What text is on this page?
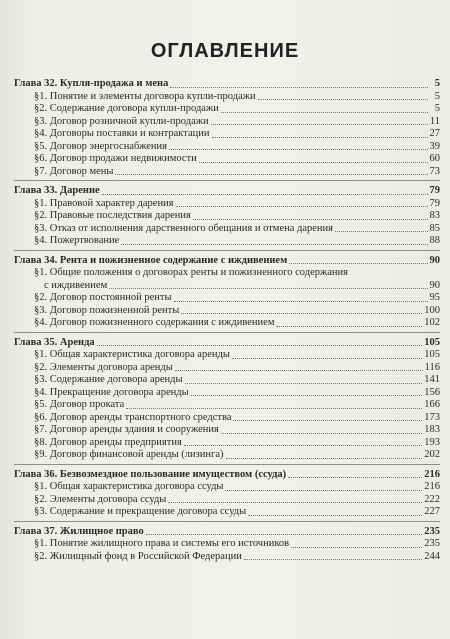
ОГЛАВЛЕНИЕ
Глава 32. Купля-продажа и мена	5
§1. Понятие и элементы договора купли-продажи	5
§2. Содержание договора купли-продажи	5
§3. Договор розничной купли-продажи	11
§4. Договоры поставки и контрактации	27
§5. Договор энергоснабжения	39
§6. Договор продажи недвижимости	60
§7. Договор мены	73
Глава 33. Дарение	79
§1. Правовой характер дарения	79
§2. Правовые последствия дарения	83
§3. Отказ от исполнения дарственного обещания и отмена дарения	85
§4. Пожертвование	88
Глава 34. Рента и пожизненное содержание с иждивением	90
§1. Общие положения о договорах ренты и пожизненного содержания
с иждивением	90
§2. Договор постоянной ренты	95
§3. Договор пожизненной ренты	100
§4. Договор пожизненного содержания с иждивением	102
Глава 35. Аренда	105
§1. Общая характеристика договора аренды	105
§2. Элементы договора аренды	116
§3. Содержание договора аренды	141
§4. Прекращение договора аренды	156
§5. Договор проката	166
§6. Договор аренды транспортного средства	173
§7. Договор аренды здания и сооружения	183
§8. Договор аренды предприятия	193
§9. Договор финансовой аренды (лизинга)	202
Глава 36. Безвозмездное пользование имуществом (ссуда)	216
§1. Общая характеристика договора ссуды	216
§2. Элементы договора ссуды	222
§3. Содержание и прекращение договора ссуды	227
Глава 37. Жилищное право	235
§1. Понятие жилищного права и системы его источников	235
§2. Жилищный фонд в Российской Федерации	244
